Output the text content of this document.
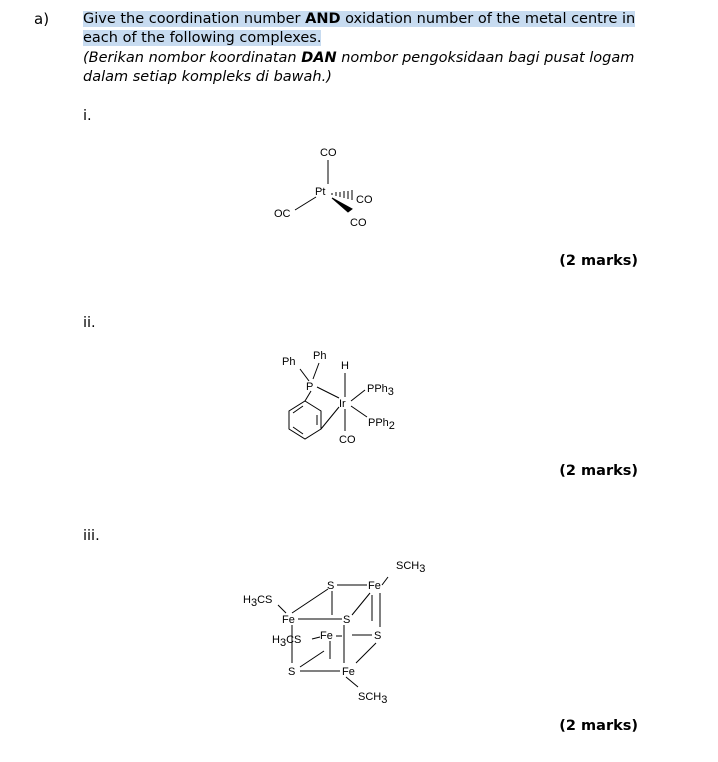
a) Give the coordination number AND oxidation number of the metal centre in each of the following complexes.
(Berikan nombor koordinatan DAN nombor pengoksidaan bagi pusat logam dalam setiap kompleks di bawah.)
i.
CO
Pt
OC
CO
CO
(2 marks)
ii.
Ph Ph
P
H
Ir
PPh3
PPh2
CO
(2 marks)
iii.
SCH3
Fe
S
H3CS
Fe	S
H3CS Fe	S
S	Fe
SCH3
(2 marks)
